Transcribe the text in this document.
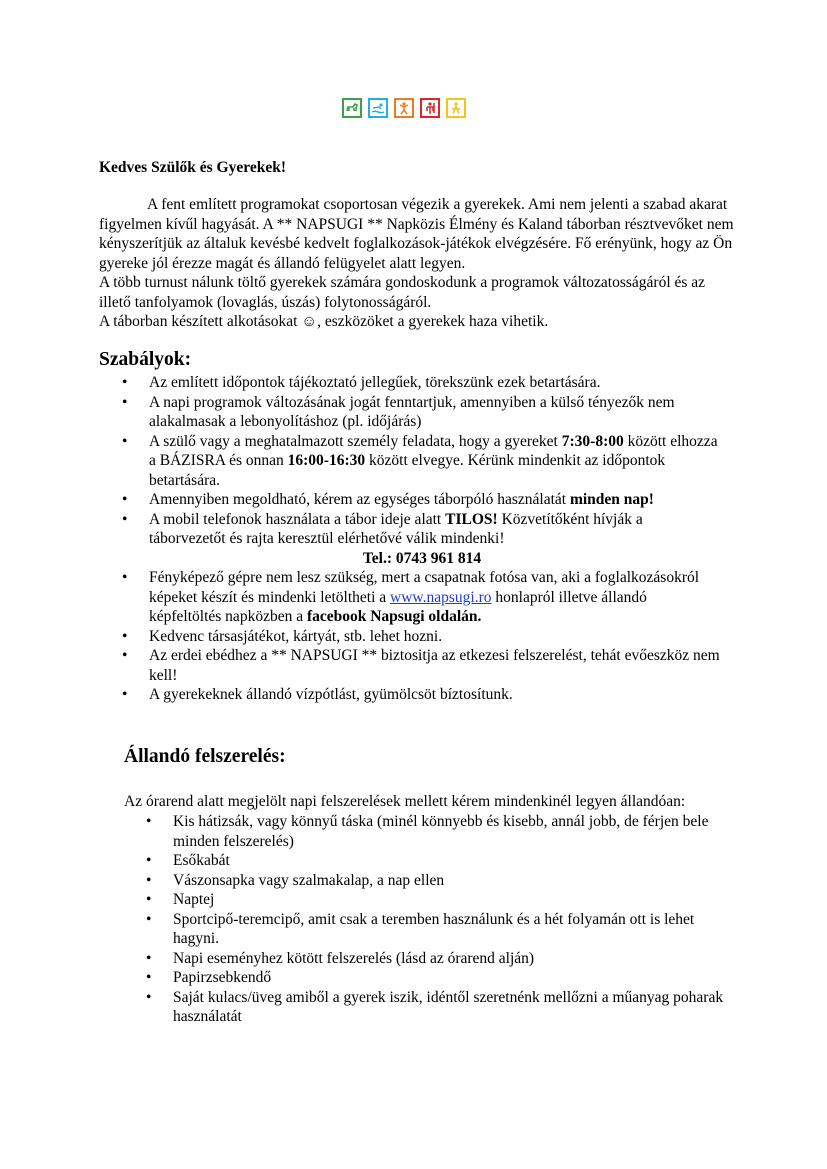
Kedves Szülők és Gyerekek!

A fent említett programokat csoportosan végezik a gyerekek. Ami nem jelenti a szabad akarat figyelmen kívűl hagyását. A ** NAPSUGI ** Napközis Élmény és Kaland táborban résztvevőket nem kényszerítjük az általuk kevésbé kedvelt foglalkozások-játékok elvégzésére. Fő erényünk, hogy az Ön gyereke jól érezze magát és állandó felügyelet alatt legyen.

A több turnust nálunk töltő gyerekek számára gondoskodunk a programok változatosságáról és az illető tanfolyamok (lovaglás, úszás) folytonosságáról.

A táborban készített alkotásokat ☺, eszközöket a gyerekek haza vihetik.

Szabályok:
•	Az említett időpontok tájékoztató jellegűek, törekszünk ezek betartására.
•	A napi programok változásának jogát fenntartjuk, amennyiben a külső tényezők nem alakalmasak a lebonyolításhoz (pl. időjárás)
•	A szülő vagy a meghatalmazott személy feladata, hogy a gyereket 7:30-8:00 között elhozza a BÁZISRA és onnan 16:00-16:30 között elvegye. Kérünk mindenkit az időpontok betartására.
•	Amennyiben megoldható, kérem az egységes táborpóló használatát minden nap!
•	A mobil telefonok használata a tábor ideje alatt TILOS! Közvetítőként hívják a táborvezetőt és rajta keresztül elérhetővé válik mindenki!
Tel.: 0743 961 814
•	Fényképező gépre nem lesz szükség, mert a csapatnak fotósa van, aki a foglalkozásokról képeket készít és mindenki letöltheti a www.napsugi.ro honlapról illetve állandó képfeltöltés napközben a facebook Napsugi oldalán.
•	Kedvenc társasjátékot, kártyát, stb. lehet hozni.
•	Az erdei ebédhez a ** NAPSUGI ** biztositja az etkezesi felszerelést, tehát evőeszköz nem kell!
•	A gyerekeknek állandó vízpótlást, gyümölcsöt bíztosítunk.
Állandó felszerelés:

Az órarend alatt megjelölt napi felszerelések mellett kérem mindenkinél legyen állandóan:

•	Kis hátizsák, vagy könnyű táska (minél könnyebb és kisebb, annál jobb, de férjen bele minden felszerelés)
•	Esőkabát
•	Vászonsapka vagy szalmakalap, a nap ellen
•	Naptej
•	Sportcipő-teremcipő, amit csak a teremben használunk és a hét folyamán ott is lehet hagyni.
•	Napi eseményhez kötött felszerelés (lásd az órarend alján)
•	Papirzsebkendő
•	Saját kulacs/üveg amiből a gyerek iszik, idéntől szeretnénk mellőzni a műanyag poharak használatát
